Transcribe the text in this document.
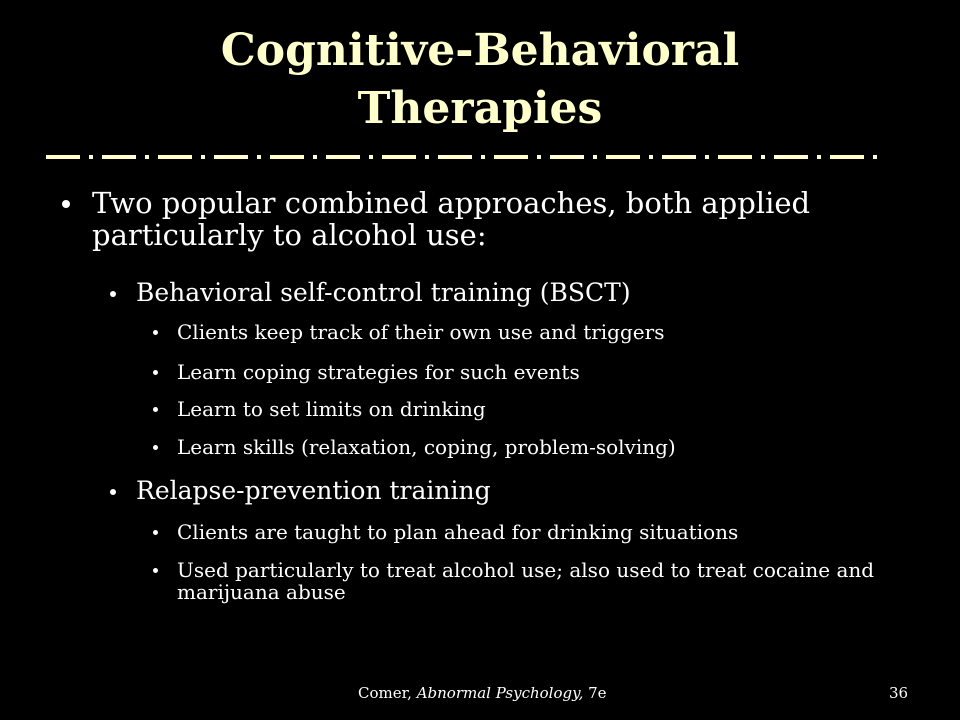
Cognitive-Behavioral
Therapies
Two popular combined approaches, both applied particularly to alcohol use:
Behavioral self-control training (BSCT)
Clients keep track of their own use and triggers
Learn coping strategies for such events
Learn to set limits on drinking
Learn skills (relaxation, coping, problem-solving)
Relapse-prevention training
Clients are taught to plan ahead for drinking situations
Used particularly to treat alcohol use; also used to treat cocaine and marijuana abuse
Comer, Abnormal Psychology, 7e	36
